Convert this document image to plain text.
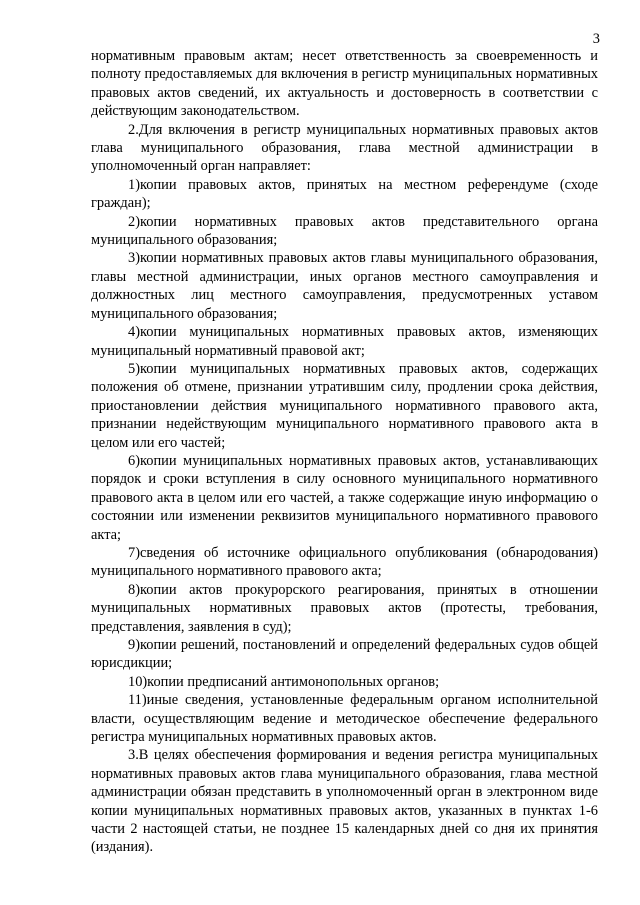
3

нормативным правовым актам; несет ответственность за своевременность и полноту предоставляемых для включения в регистр муниципальных нормативных правовых актов сведений, их актуальность и достоверность в соответствии с действующим законодательством.

2.Для включения в регистр муниципальных нормативных правовых актов глава муниципального образования, глава местной администрации в уполномоченный орган направляет:

1)копии правовых актов, принятых на местном референдуме (сходе граждан);

2)копии нормативных правовых актов представительного органа муниципального образования;

3)копии нормативных правовых актов главы муниципального образования, главы местной администрации, иных органов местного самоуправления и должностных лиц местного самоуправления, предусмотренных уставом муниципального образования;

4)копии муниципальных нормативных правовых актов, изменяющих муниципальный нормативный правовой акт;

5)копии муниципальных нормативных правовых актов, содержащих положения об отмене, признании утратившим силу, продлении срока действия, приостановлении действия муниципального нормативного правового акта, признании недействующим муниципального нормативного правового акта в целом или его частей;

6)копии муниципальных нормативных правовых актов, устанавливающих порядок и сроки вступления в силу основного муниципального нормативного правового акта в целом или его частей, а также содержащие иную информацию о состоянии или изменении реквизитов муниципального нормативного правового акта;

7)сведения об источнике официального опубликования (обнародования) муниципального нормативного правового акта;

8)копии актов прокурорского реагирования, принятых в отношении муниципальных нормативных правовых актов (протесты, требования, представления, заявления в суд);

9)копии решений, постановлений и определений федеральных судов общей юрисдикции;

10)копии предписаний антимонопольных органов;

11)иные сведения, установленные федеральным органом исполнительной власти, осуществляющим ведение и методическое обеспечение федерального регистра муниципальных нормативных правовых актов.

3.В целях обеспечения формирования и ведения регистра муниципальных нормативных правовых актов глава муниципального образования, глава местной администрации обязан представить в уполномоченный орган в электронном виде копии муниципальных нормативных правовых актов, указанных в пунктах 1-6 части 2 настоящей статьи, не позднее 15 календарных дней со дня их принятия (издания).
